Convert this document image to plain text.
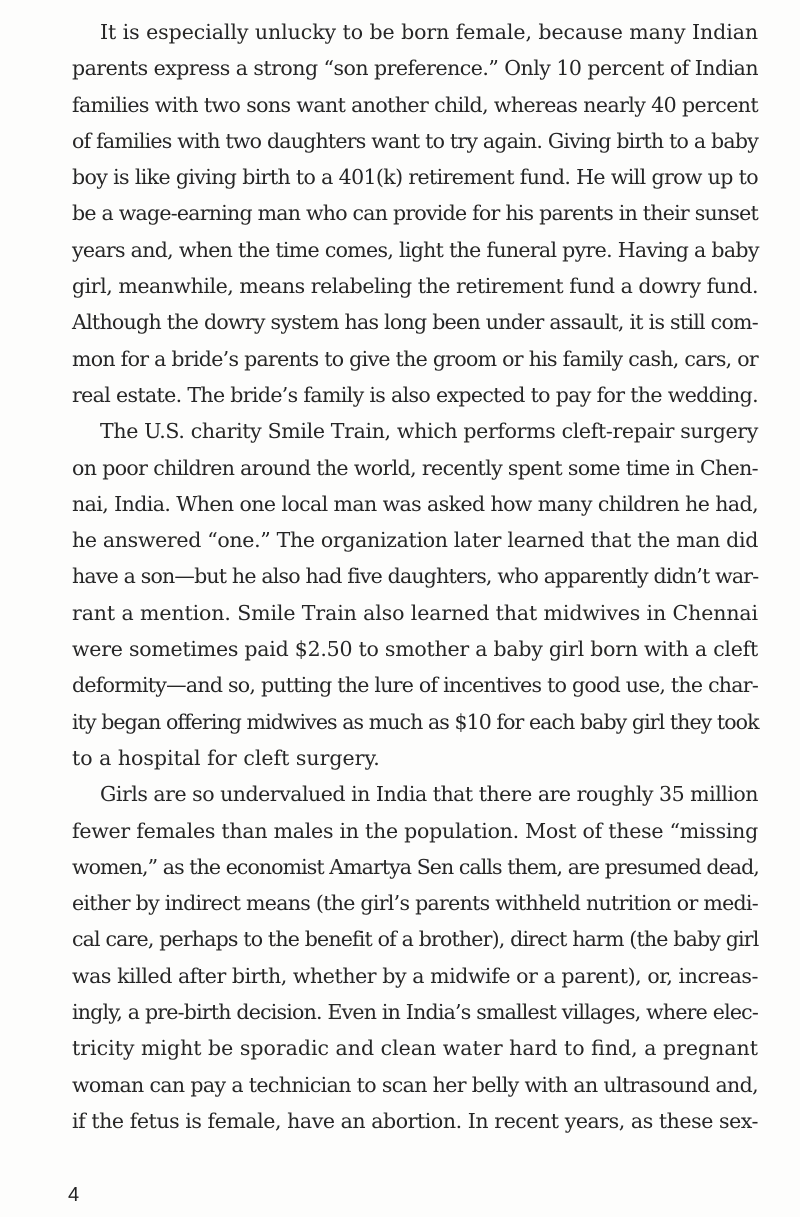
It is especially unlucky to be born female, because many Indian
parents express a strong “son preference.” Only 10 percent of Indian
families with two sons want another child, whereas nearly 40 percent
of families with two daughters want to try again. Giving birth to a baby
boy is like giving birth to a 401(k) retirement fund. He will grow up to
be a wage-earning man who can provide for his parents in their sunset
years and, when the time comes, light the funeral pyre. Having a baby
girl, meanwhile, means relabeling the retirement fund a dowry fund.
Although the dowry system has long been under assault, it is still com-
mon for a bride’s parents to give the groom or his family cash, cars, or
real estate. The bride’s family is also expected to pay for the wedding.
The U.S. charity Smile Train, which performs cleft-repair surgery
on poor children around the world, recently spent some time in Chen-
nai, India. When one local man was asked how many children he had,
he answered “one.” The organization later learned that the man did
have a son—but he also had five daughters, who apparently didn’t war-
rant a mention. Smile Train also learned that midwives in Chennai
were sometimes paid $2.50 to smother a baby girl born with a cleft
deformity—and so, putting the lure of incentives to good use, the char-
ity began offering midwives as much as $10 for each baby girl they took
to a hospital for cleft surgery.
Girls are so undervalued in India that there are roughly 35 million
fewer females than males in the population. Most of these “missing
women,” as the economist Amartya Sen calls them, are presumed dead,
either by indirect means (the girl’s parents withheld nutrition or medi-
cal care, perhaps to the benefit of a brother), direct harm (the baby girl
was killed after birth, whether by a midwife or a parent), or, increas-
ingly, a pre-birth decision. Even in India’s smallest villages, where elec-
tricity might be sporadic and clean water hard to find, a pregnant
woman can pay a technician to scan her belly with an ultrasound and,
if the fetus is female, have an abortion. In recent years, as these sex-
4
